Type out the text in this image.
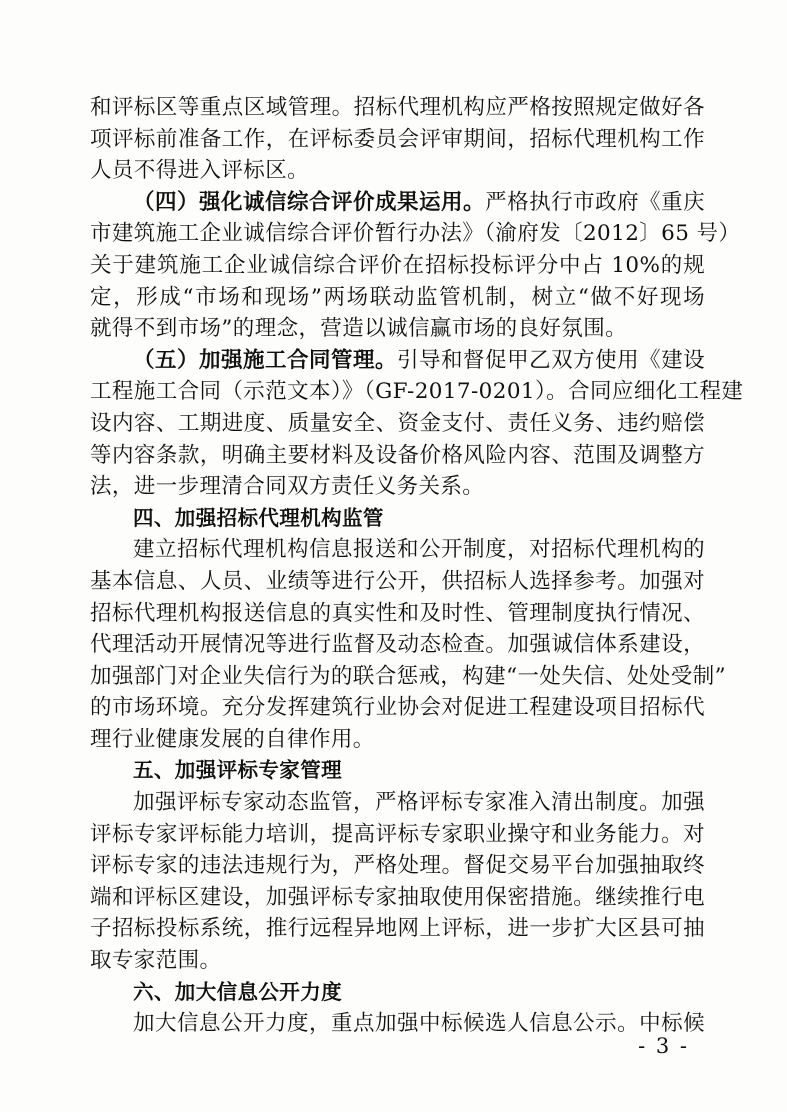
和评标区等重点区域管理。招标代理机构应严格按照规定做好各
项评标前准备工作，在评标委员会评审期间，招标代理机构工作
人员不得进入评标区。
（四）强化诚信综合评价成果运用。严格执行市政府《重庆
市建筑施工企业诚信综合评价暂行办法》（渝府发〔2012〕65 号）
关于建筑施工企业诚信综合评价在招标投标评分中占 10%的规
定，形成“市场和现场”两场联动监管机制，树立“做不好现场
就得不到市场”的理念，营造以诚信赢市场的良好氛围。
（五）加强施工合同管理。引导和督促甲乙双方使用《建设
工程施工合同（示范文本）》（GF-2017-0201）。合同应细化工程建
设内容、工期进度、质量安全、资金支付、责任义务、违约赔偿
等内容条款，明确主要材料及设备价格风险内容、范围及调整方
法，进一步理清合同双方责任义务关系。
四、加强招标代理机构监管
建立招标代理机构信息报送和公开制度，对招标代理机构的
基本信息、人员、业绩等进行公开，供招标人选择参考。加强对
招标代理机构报送信息的真实性和及时性、管理制度执行情况、
代理活动开展情况等进行监督及动态检查。加强诚信体系建设，
加强部门对企业失信行为的联合惩戒，构建“一处失信、处处受制”
的市场环境。充分发挥建筑行业协会对促进工程建设项目招标代
理行业健康发展的自律作用。
五、加强评标专家管理
加强评标专家动态监管，严格评标专家准入清出制度。加强
评标专家评标能力培训，提高评标专家职业操守和业务能力。对
评标专家的违法违规行为，严格处理。督促交易平台加强抽取终
端和评标区建设，加强评标专家抽取使用保密措施。继续推行电
子招标投标系统，推行远程异地网上评标，进一步扩大区县可抽
取专家范围。
六、加大信息公开力度
加大信息公开力度，重点加强中标候选人信息公示。中标候
- 3 -
